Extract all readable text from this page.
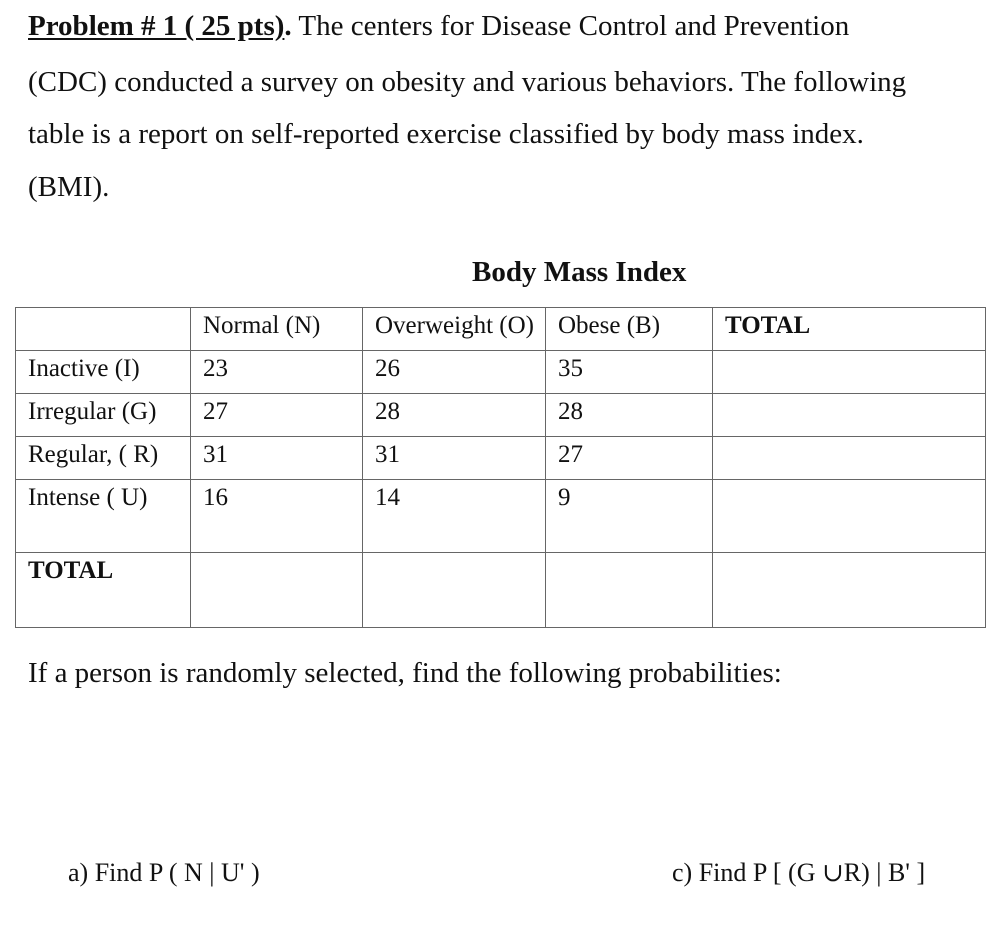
Problem # 1 ( 25 pts). The centers for Disease Control and Prevention
(CDC) conducted a survey on obesity and various behaviors. The following
table is a report on self-reported exercise classified by body mass index.
(BMI).
Body Mass Index
	Normal (N)	Overweight (O)	Obese (B)	TOTAL
Inactive (I)	23	26	35	
Irregular (G)	27	28	28	
Regular, ( R)	31	31	27	
Intense ( U)	16	14	9	
TOTAL				
If a person is randomly selected, find the following probabilities:
a) Find P ( N | U' )	c) Find P [ (G ∪R) | B' ]
